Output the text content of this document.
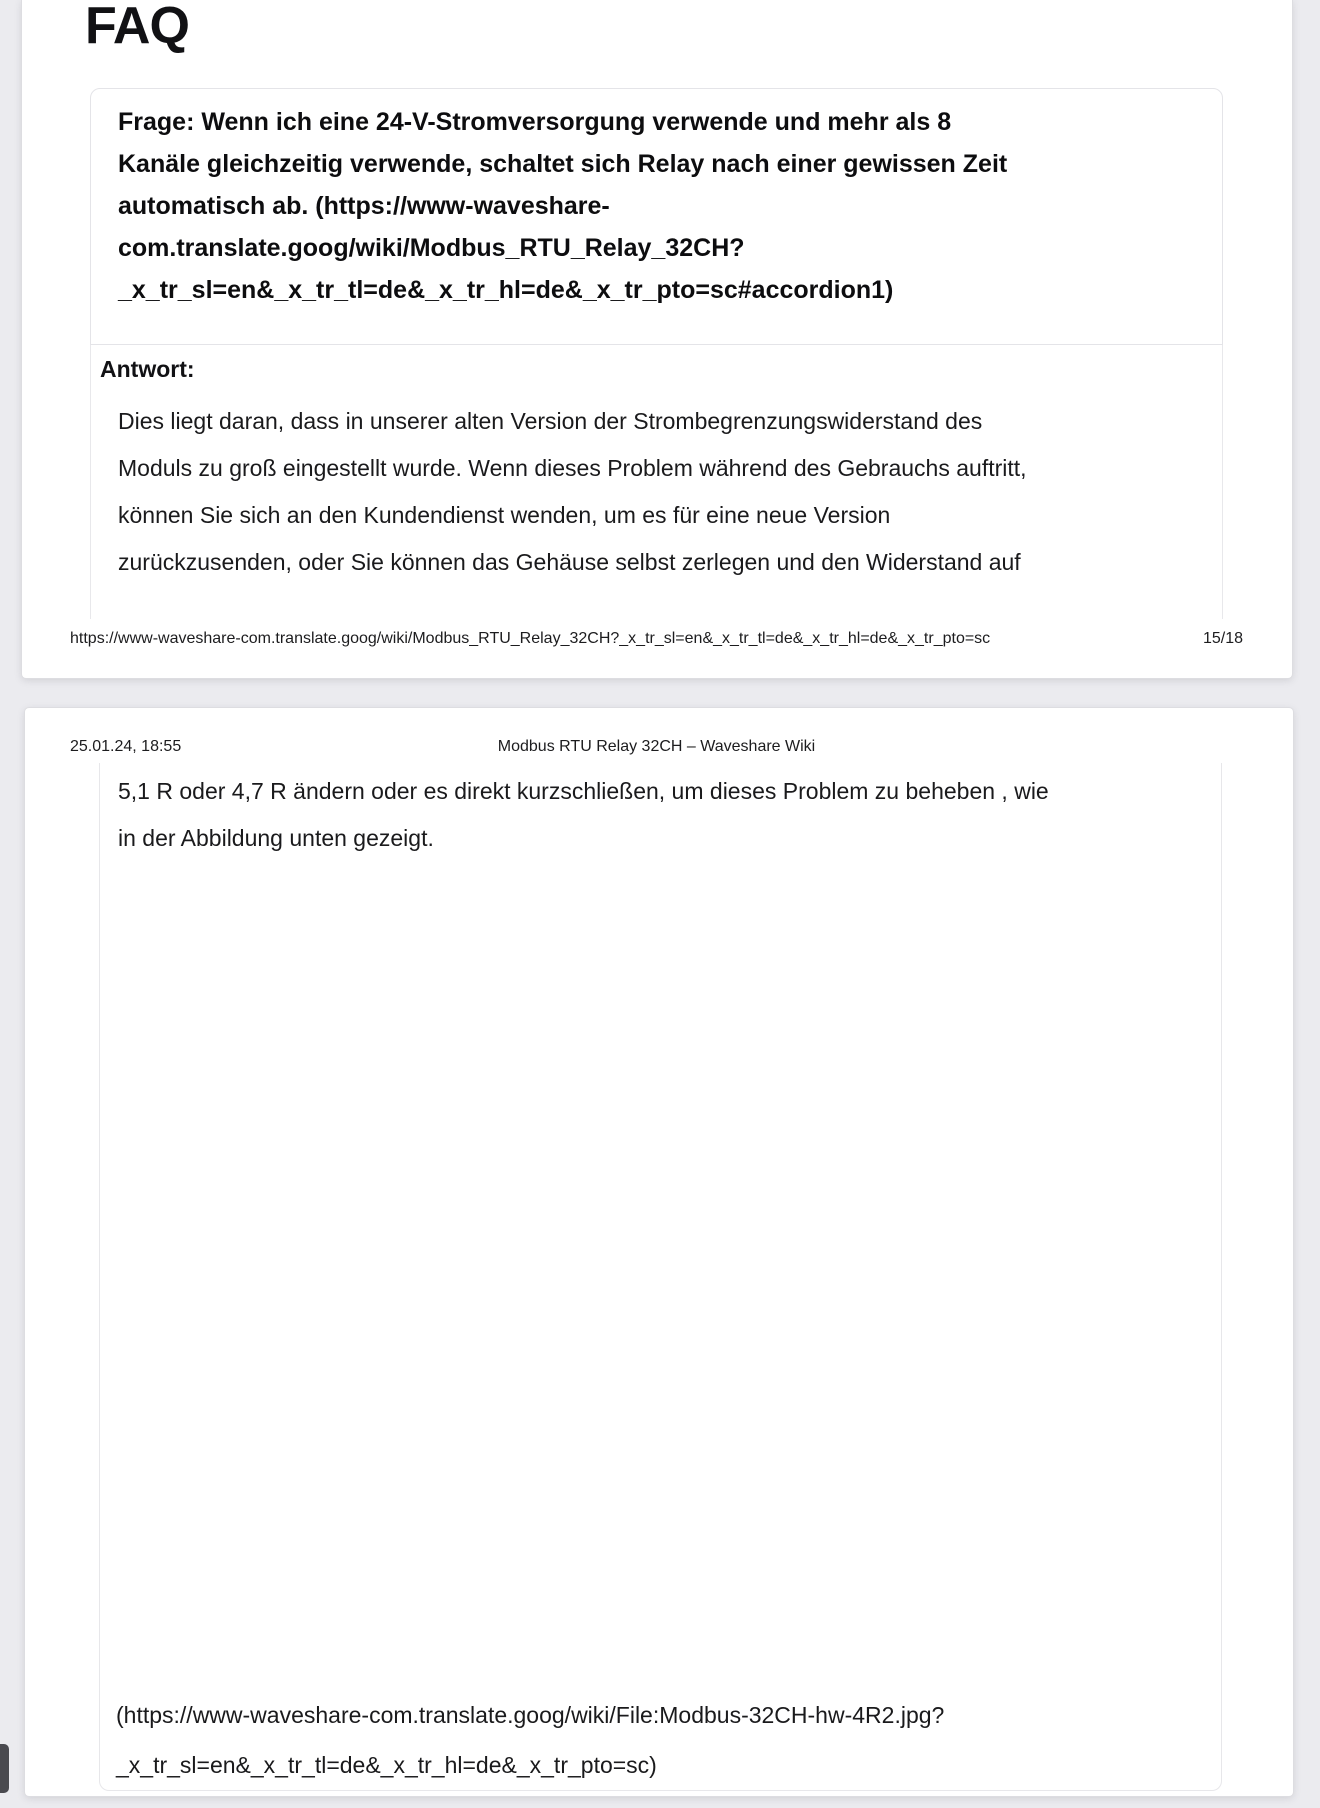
FAQ
Frage: Wenn ich eine 24-V-Stromversorgung verwende und mehr als 8
Kanäle gleichzeitig verwende, schaltet sich Relay nach einer gewissen Zeit
automatisch ab. (https://www-waveshare-
com.translate.goog/wiki/Modbus_RTU_Relay_32CH?
_x_tr_sl=en&_x_tr_tl=de&_x_tr_hl=de&_x_tr_pto=sc#accordion1)
Antwort:
Dies liegt daran, dass in unserer alten Version der Strombegrenzungswiderstand des
Moduls zu groß eingestellt wurde. Wenn dieses Problem während des Gebrauchs auftritt,
können Sie sich an den Kundendienst wenden, um es für eine neue Version
zurückzusenden, oder Sie können das Gehäuse selbst zerlegen und den Widerstand auf
https://www-waveshare-com.translate.goog/wiki/Modbus_RTU_Relay_32CH?_x_tr_sl=en&_x_tr_tl=de&_x_tr_hl=de&_x_tr_pto=sc	15/18
25.01.24, 18:55	Modbus RTU Relay 32CH – Waveshare Wiki
5,1 R oder 4,7 R ändern oder es direkt kurzschließen, um dieses Problem zu beheben , wie
in der Abbildung unten gezeigt.
(https://www-waveshare-com.translate.goog/wiki/File:Modbus-32CH-hw-4R2.jpg?
_x_tr_sl=en&_x_tr_tl=de&_x_tr_hl=de&_x_tr_pto=sc)
